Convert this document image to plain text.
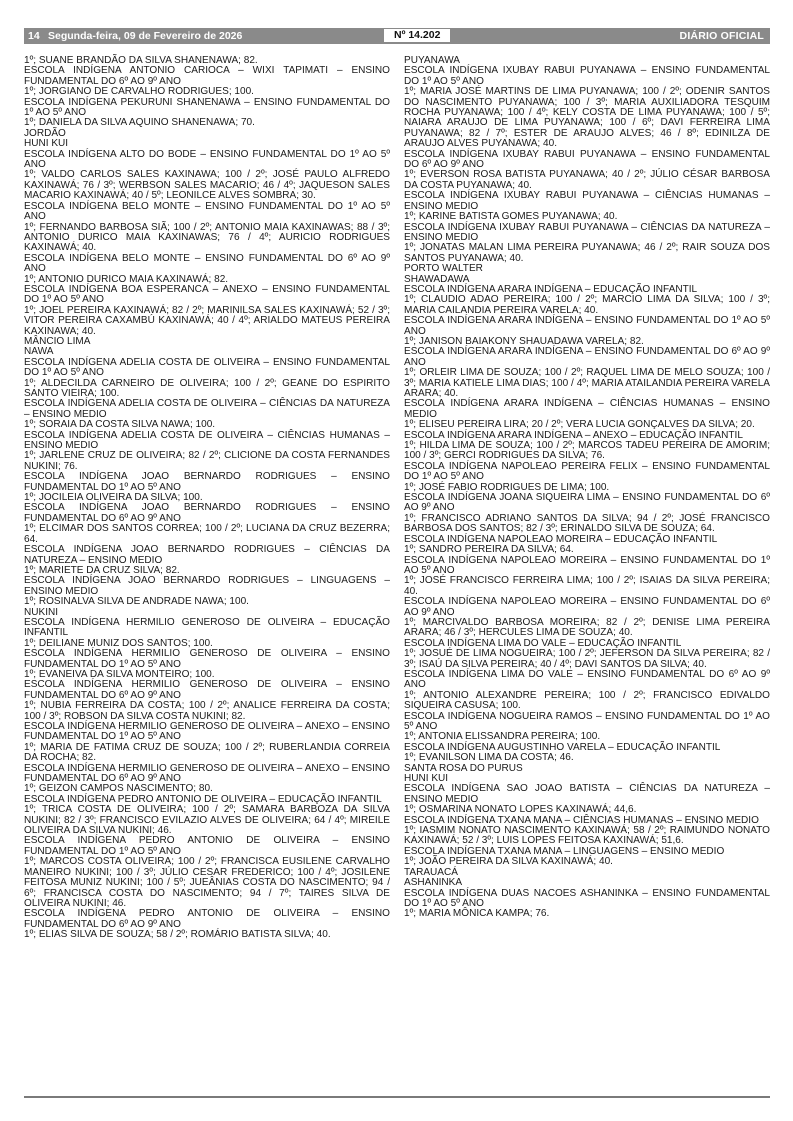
14 Segunda-feira, 09 de Fevereiro de 2026	Nº 14.202	DIÁRIO OFICIAL

1º; SUANE BRANDÃO DA SILVA SHANENAWA; 82.

ESCOLA INDÍGENA ANTONIO CARIOCA – WIXI TAPIMATI – ENSINO FUNDAMENTAL DO 6º AO 9º ANO

1º; JORGIANO DE CARVALHO RODRIGUES; 100.

ESCOLA INDÍGENA PEKURUNI SHANENAWA – ENSINO FUNDAMENTAL DO 1º AO 5º ANO

1º; DANIELA DA SILVA AQUINO SHANENAWA; 70.

JORDÃO

HUNI KUI

ESCOLA INDÍGENA ALTO DO BODE – ENSINO FUNDAMENTAL DO 1º AO 5º ANO

1º; VALDO CARLOS SALES KAXINAWA; 100 / 2º; JOSÉ PAULO ALFREDO KAXINAWÁ; 76 / 3º; WERBSON SALES MACARIO; 46 / 4º; JAQUESON SALES MACARIO KAXINAWÁ; 40 / 5º; LEONILCE ALVES SOMBRA; 30.

ESCOLA INDÍGENA BELO MONTE – ENSINO FUNDAMENTAL DO 1º AO 5º ANO

1º; FERNANDO BARBOSA SIÃ; 100 / 2º; ANTONIO MAIA KAXINAWAS; 88 / 3º; ANTONIO DURICO MAIA KAXINAWAS; 76 / 4º; AURICIO RODRIGUES KAXINAWÁ; 40.

ESCOLA INDÍGENA BELO MONTE – ENSINO FUNDAMENTAL DO 6º AO 9º ANO

1º; ANTONIO DURICO MAIA KAXINAWÁ; 82.

ESCOLA INDÍGENA BOA ESPERANCA – ANEXO – ENSINO FUNDAMENTAL DO 1º AO 5º ANO

1º; JOEL PEREIRA KAXINAWÁ; 82 / 2º; MARINILSA SALES KAXINAWÁ; 52 / 3º; VITOR PEREIRA CAXAMBÚ KAXINAWÁ; 40 / 4º; ARIALDO MATEUS PEREIRA KAXINAWA; 40.

MÂNCIO LIMA

NAWA

ESCOLA INDÍGENA ADELIA COSTA DE OLIVEIRA – ENSINO FUNDAMENTAL DO 1º AO 5º ANO

1º; ALDECILDA CARNEIRO DE OLIVEIRA; 100 / 2º; GEANE DO ESPIRITO SANTO VIEIRA; 100.

ESCOLA INDÍGENA ADELIA COSTA DE OLIVEIRA – CIÊNCIAS DA NATUREZA – ENSINO MEDIO

1º; SORAIA DA COSTA SILVA NAWA; 100.

ESCOLA INDÍGENA ADELIA COSTA DE OLIVEIRA – CIÊNCIAS HUMANAS – ENSINO MEDIO

1º; JARLENE CRUZ DE OLIVEIRA; 82 / 2º; CLICIONE DA COSTA FERNANDES NUKINI; 76.

ESCOLA INDÍGENA JOAO BERNARDO RODRIGUES – ENSINO FUNDAMENTAL DO 1º AO 5º ANO

1º; JOCILEIA OLIVEIRA DA SILVA; 100.

ESCOLA INDÍGENA JOAO BERNARDO RODRIGUES – ENSINO FUNDAMENTAL DO 6º AO 9º ANO

1º; ELCIMAR DOS SANTOS CORREA; 100 / 2º; LUCIANA DA CRUZ BEZERRA; 64.

ESCOLA INDÍGENA JOAO BERNARDO RODRIGUES – CIÊNCIAS DA NATUREZA – ENSINO MEDIO

1º; MARIETE DA CRUZ SILVA; 82.

ESCOLA INDÍGENA JOAO BERNARDO RODRIGUES – LINGUAGENS – ENSINO MEDIO

1º; ROSINALVA SILVA DE ANDRADE NAWA; 100.

NUKINI

ESCOLA INDÍGENA HERMILIO GENEROSO DE OLIVEIRA – EDUCAÇÃO INFANTIL

1º; DEILIANE MUNIZ DOS SANTOS; 100.

ESCOLA INDÍGENA HERMILIO GENEROSO DE OLIVEIRA – ENSINO FUNDAMENTAL DO 1º AO 5º ANO

1º; EVANEIVA DA SILVA MONTEIRO; 100.

ESCOLA INDÍGENA HERMILIO GENEROSO DE OLIVEIRA – ENSINO FUNDAMENTAL DO 6º AO 9º ANO

1º; NUBIA FERREIRA DA COSTA; 100 / 2º; ANALICE FERREIRA DA COSTA; 100 / 3º; ROBSON DA SILVA COSTA NUKINI; 82.

ESCOLA INDÍGENA HERMILIO GENEROSO DE OLIVEIRA – ANEXO – ENSINO FUNDAMENTAL DO 1º AO 5º ANO

1º; MARIA DE FATIMA CRUZ DE SOUZA; 100 / 2º; RUBERLANDIA CORREIA DA ROCHA; 82.

ESCOLA INDÍGENA HERMILIO GENEROSO DE OLIVEIRA – ANEXO – ENSINO FUNDAMENTAL DO 6º AO 9º ANO

1º; GEIZON CAMPOS NASCIMENTO; 80.

ESCOLA INDÍGENA PEDRO ANTONIO DE OLIVEIRA – EDUCAÇÃO INFANTIL

1º; TRICA COSTA DE OLIVEIRA; 100 / 2º; SAMARA BARBOZA DA SILVA NUKINI; 82 / 3º; FRANCISCO EVILAZIO ALVES DE OLIVEIRA; 64 / 4º; MIREILE OLIVEIRA DA SILVA NUKINI; 46.

ESCOLA INDÍGENA PEDRO ANTONIO DE OLIVEIRA – ENSINO FUNDAMENTAL DO 1º AO 5º ANO

1º; MARCOS COSTA OLIVEIRA; 100 / 2º; FRANCISCA EUSILENE CARVALHO MANEIRO NUKINI; 100 / 3º; JÚLIO CESAR FREDERICO; 100 / 4º; JOSILENE FEITOSA MUNIZ NUKINI; 100 / 5º; JUEÂNIAS COSTA DO NASCIMENTO; 94 / 6º; FRANCISCA COSTA DO NASCIMENTO; 94 / 7º; TAIRES SILVA DE OLIVEIRA NUKINI; 46.

ESCOLA INDÍGENA PEDRO ANTONIO DE OLIVEIRA – ENSINO FUNDAMENTAL DO 6º AO 9º ANO

1º; ELIAS SILVA DE SOUZA; 58 / 2º; ROMÁRIO BATISTA SILVA; 40.

PUYANAWA

ESCOLA INDÍGENA IXUBAY RABUI PUYANAWA – ENSINO FUNDAMENTAL DO 1º AO 5º ANO

1º; MARIA JOSÉ MARTINS DE LIMA PUYANAWA; 100 / 2º; ODENIR SANTOS DO NASCIMENTO PUYANAWA; 100 / 3º; MARIA AUXILIADORA TESQUIM ROCHA PUYANAWA; 100 / 4º; KELY COSTA DE LIMA PUYANAWA; 100 / 5º; NAIARA ARAUJO DE LIMA PUYANAWA; 100 / 6º; DAVI FERREIRA LIMA PUYANAWA; 82 / 7º; ESTER DE ARAUJO ALVES; 46 / 8º; EDINILZA DE ARAUJO ALVES PUYANAWA; 40.

ESCOLA INDÍGENA IXUBAY RABUI PUYANAWA – ENSINO FUNDAMENTAL DO 6º AO 9º ANO

1º; EVERSON ROSA BATISTA PUYANAWA; 40 / 2º; JÚLIO CÉSAR BARBOSA DA COSTA PUYANAWA; 40.

ESCOLA INDÍGENA IXUBAY RABUI PUYANAWA – CIÊNCIAS HUMANAS – ENSINO MEDIO

1º; KARINE BATISTA GOMES PUYANAWA; 40.

ESCOLA INDÍGENA IXUBAY RABUI PUYANAWA – CIÊNCIAS DA NATUREZA – ENSINO MEDIO

1º; JONATAS MALAN LIMA PEREIRA PUYANAWA; 46 / 2º; RAIR SOUZA DOS SANTOS PUYANAWA; 40.

PORTO WALTER

SHAWADAWA

ESCOLA INDÍGENA ARARA INDÍGENA – EDUCAÇÃO INFANTIL

1º; CLAUDIO ADAO PEREIRA; 100 / 2º; MARCIO LIMA DA SILVA; 100 / 3º; MARIA CAILANDIA PEREIRA VARELA; 40.

ESCOLA INDÍGENA ARARA INDÍGENA – ENSINO FUNDAMENTAL DO 1º AO 5º ANO

1º; JANISON BAIAKONY SHAUADAWA VARELA; 82.

ESCOLA INDÍGENA ARARA INDÍGENA – ENSINO FUNDAMENTAL DO 6º AO 9º ANO

1º; ORLEIR LIMA DE SOUZA; 100 / 2º; RAQUEL LIMA DE MELO SOUZA; 100 / 3º; MARIA KATIELE LIMA DIAS; 100 / 4º; MARIA ATAILANDIA PEREIRA VARELA ARARA; 40.

ESCOLA INDÍGENA ARARA INDÍGENA – CIÊNCIAS HUMANAS – ENSINO MEDIO

1º; ELISEU PEREIRA LIRA; 20 / 2º; VERA LUCIA GONÇALVES DA SILVA; 20.

ESCOLA INDÍGENA ARARA INDÍGENA – ANEXO – EDUCAÇÃO INFANTIL

1º; HILDA LIMA DE SOUZA; 100 / 2º; MARCOS TADEU PEREIRA DE AMORIM; 100 / 3º; GERCI RODRIGUES DA SILVA; 76.

ESCOLA INDÍGENA NAPOLEAO PEREIRA FELIX – ENSINO FUNDAMENTAL DO 1º AO 5º ANO

1º; JOSÉ FABIO RODRIGUES DE LIMA; 100.

ESCOLA INDÍGENA JOANA SIQUEIRA LIMA – ENSINO FUNDAMENTAL DO 6º AO 9º ANO

1º; FRANCISCO ADRIANO SANTOS DA SILVA; 94 / 2º; JOSÉ FRANCISCO BARBOSA DOS SANTOS; 82 / 3º; ERINALDO SILVA DE SOUZA; 64.

ESCOLA INDÍGENA NAPOLEAO MOREIRA – EDUCAÇÃO INFANTIL

1º; SANDRO PEREIRA DA SILVA; 64.

ESCOLA INDÍGENA NAPOLEAO MOREIRA – ENSINO FUNDAMENTAL DO 1º AO 5º ANO

1º; JOSÉ FRANCISCO FERREIRA LIMA; 100 / 2º; ISAIAS DA SILVA PEREIRA; 40.

ESCOLA INDÍGENA NAPOLEAO MOREIRA – ENSINO FUNDAMENTAL DO 6º AO 9º ANO

1º; MARCIVALDO BARBOSA MOREIRA; 82 / 2º; DENISE LIMA PEREIRA ARARA; 46 / 3º; HERCULES LIMA DE SOUZA; 40.

ESCOLA INDÍGENA LIMA DO VALE – EDUCAÇÃO INFANTIL

1º; JOSUÉ DE LIMA NOGUEIRA; 100 / 2º; JEFERSON DA SILVA PEREIRA; 82 / 3º; ISAÚ DA SILVA PEREIRA; 40 / 4º; DAVI SANTOS DA SILVA; 40.

ESCOLA INDÍGENA LIMA DO VALE – ENSINO FUNDAMENTAL DO 6º AO 9º ANO

1º; ANTONIO ALEXANDRE PEREIRA; 100 / 2º; FRANCISCO EDIVALDO SIQUEIRA CASUSA; 100.

ESCOLA INDÍGENA NOGUEIRA RAMOS – ENSINO FUNDAMENTAL DO 1º AO 5º ANO

1º; ANTONIA ELISSANDRA PEREIRA; 100.

ESCOLA INDÍGENA AUGUSTINHO VARELA – EDUCAÇÃO INFANTIL

1º; EVANILSON LIMA DA COSTA; 46.

SANTA ROSA DO PURUS

HUNI KUI

ESCOLA INDÍGENA SAO JOAO BATISTA – CIÊNCIAS DA NATUREZA – ENSINO MEDIO

1º; OSMARINA NONATO LOPES KAXINAWÁ; 44,6.

ESCOLA INDÍGENA TXANA MANA – CIÊNCIAS HUMANAS – ENSINO MEDIO

1º; IASMIM NONATO NASCIMENTO KAXINAWÁ; 58 / 2º; RAIMUNDO NONATO KAXINAWÁ; 52 / 3º; LUIS LOPES FEITOSA KAXINAWÁ; 51,6.

ESCOLA INDÍGENA TXANA MANA – LINGUAGENS – ENSINO MEDIO

1º; JOÃO PEREIRA DA SILVA KAXINAWÁ; 40.

TARAUACÁ

ASHANINKA

ESCOLA INDÍGENA DUAS NACOES ASHANINKA – ENSINO FUNDAMENTAL DO 1º AO 5º ANO

1º; MARIA MÔNICA KAMPA; 76.
